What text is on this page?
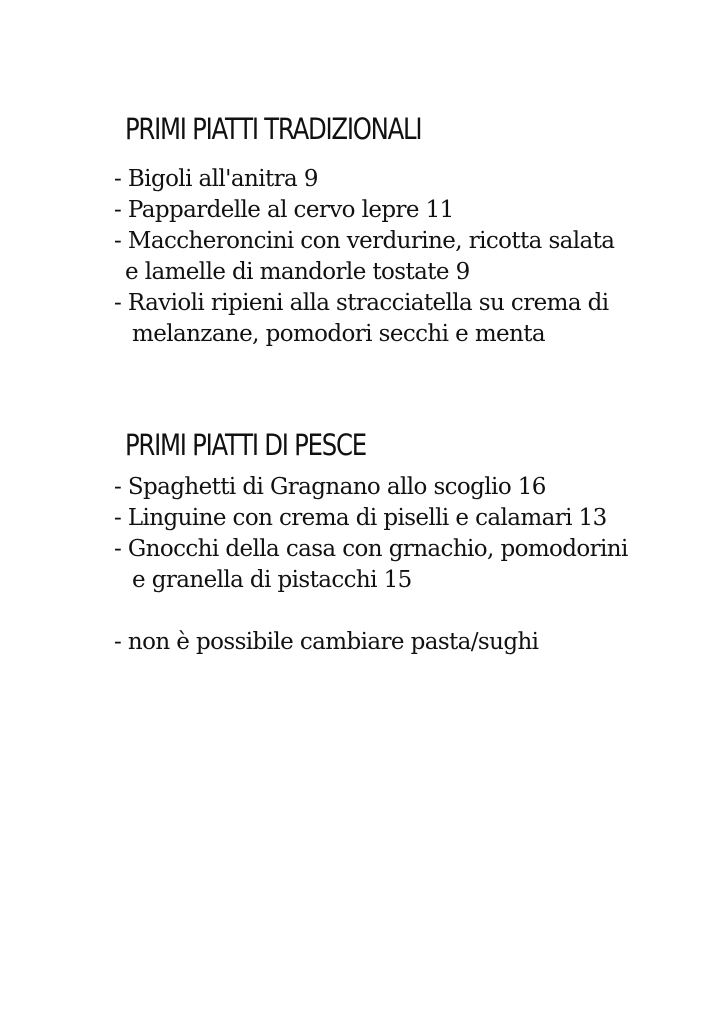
PRIMI PIATTI TRADIZIONALI
- Bigoli all'anitra 9
- Pappardelle al cervo lepre 11
- Maccheroncini con verdurine, ricotta salata
e lamelle di mandorle tostate 9
- Ravioli ripieni alla stracciatella su crema di
melanzane, pomodori secchi e menta
PRIMI PIATTI DI PESCE
- Spaghetti di Gragnano allo scoglio 16
- Linguine con crema di piselli e calamari 13
- Gnocchi della casa con grnachio, pomodorini
e granella di pistacchi 15

- non è possibile cambiare pasta/sughi
